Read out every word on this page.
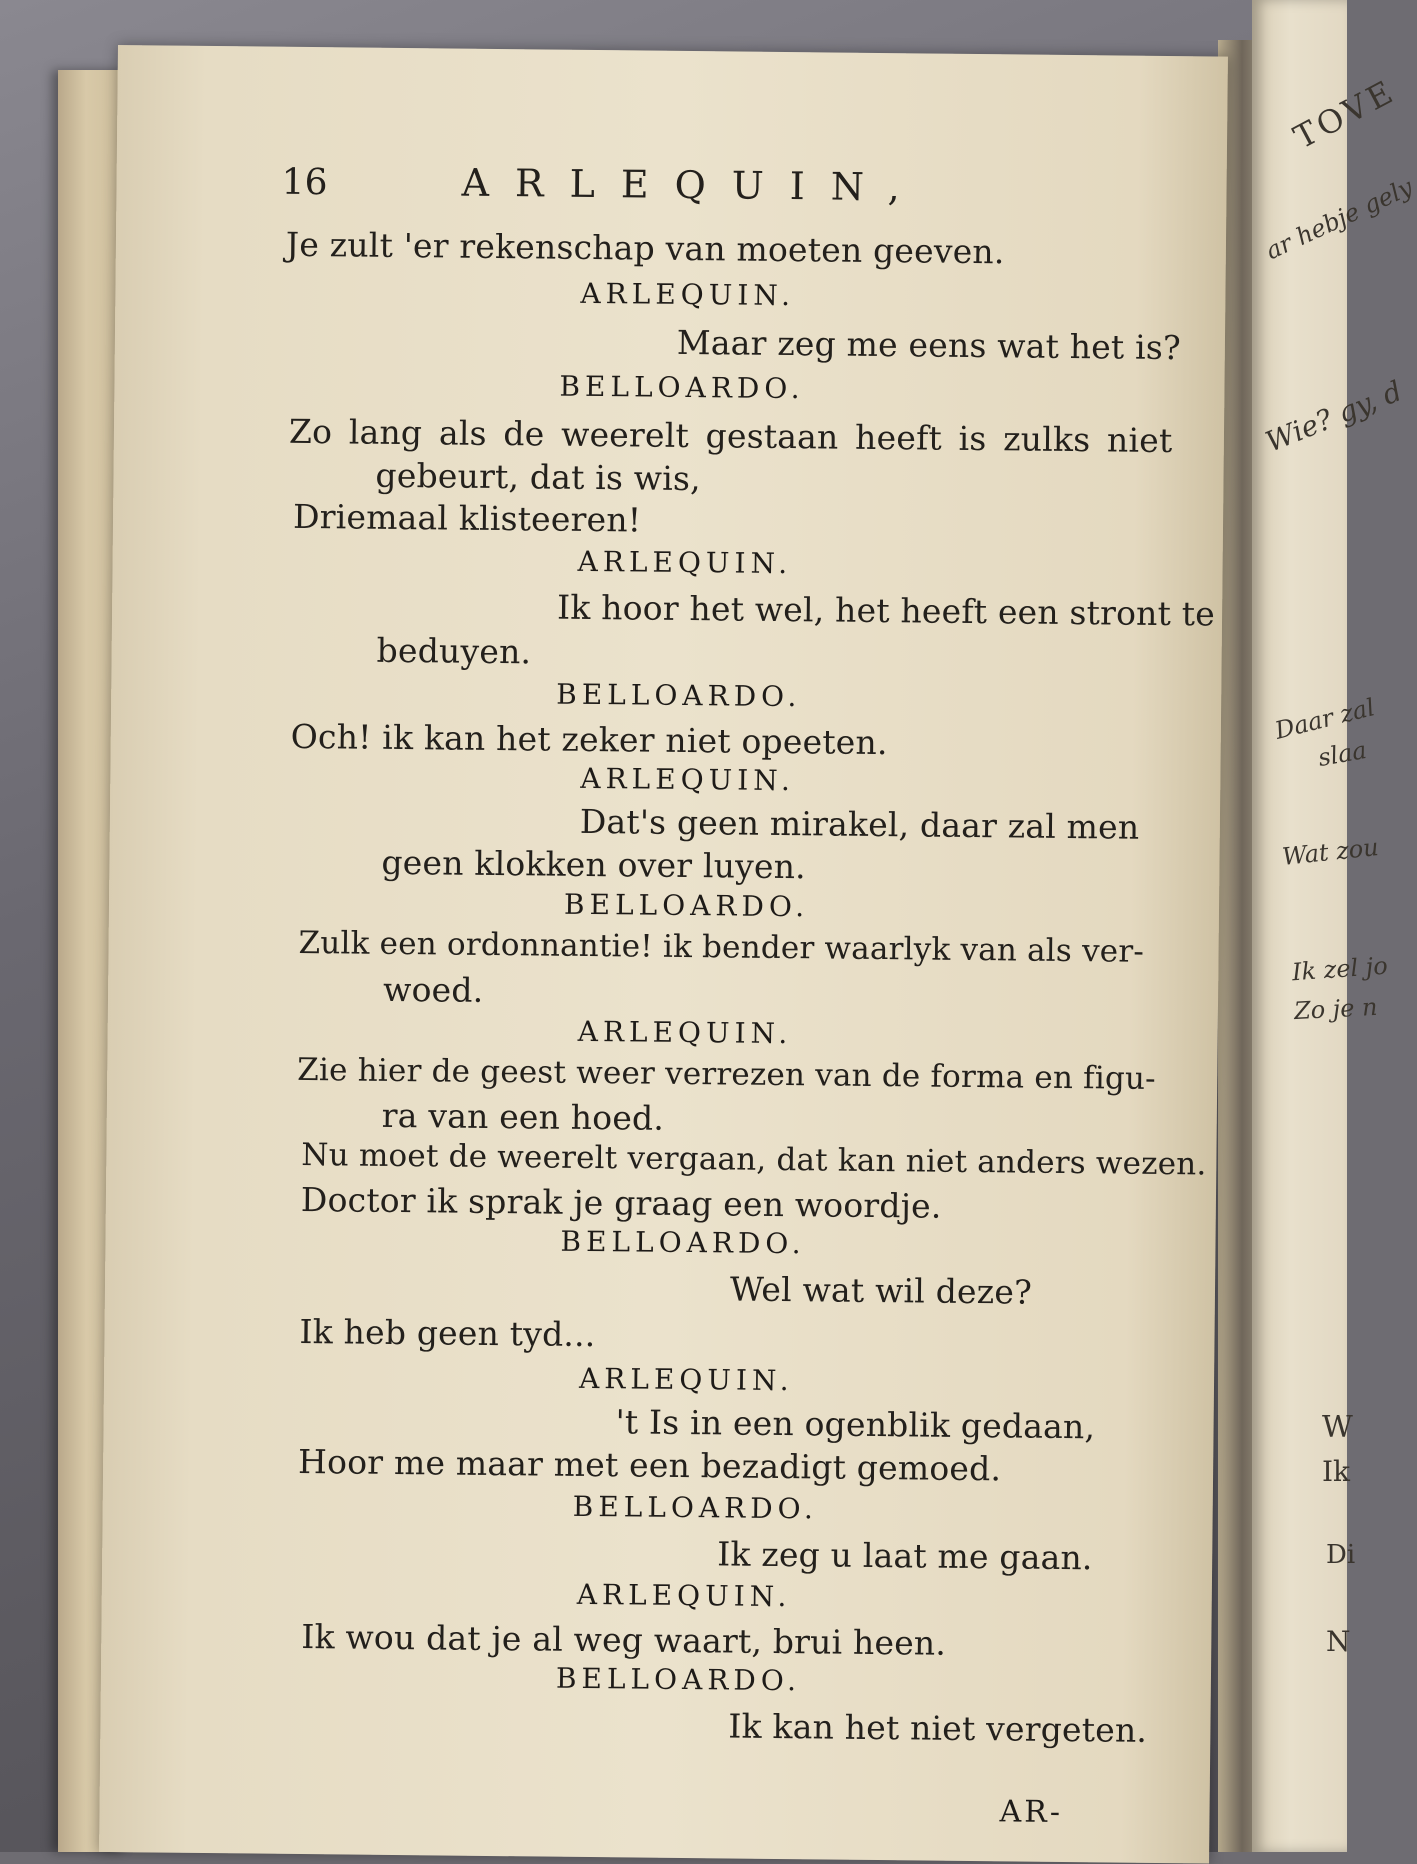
TOVE
ar hebje gely
Wie? gy, d
Daar zal
slaa
Wat zou
Ik zel jo
Zo je n
W
Ik
Di
N
16	ARLEQUIN,
Je zult 'er rekenschap van moeten geeven.
ARLEQUIN.
Maar zeg me eens wat het is?
BELLOARDO.
Zo lang als de weerelt gestaan heeft is zulks niet
gebeurt, dat is wis,
Driemaal klisteeren!
ARLEQUIN.
Ik hoor het wel, het heeft een stront te
beduyen.
BELLOARDO.
Och! ik kan het zeker niet opeeten.
ARLEQUIN.
Dat's geen mirakel, daar zal men
geen klokken over luyen.
BELLOARDO.
Zulk een ordonnantie! ik bender waarlyk van als ver-
woed.
ARLEQUIN.
Zie hier de geest weer verrezen van de forma en figu-
ra van een hoed.
Nu moet de weerelt vergaan, dat kan niet anders wezen.
Doctor ik sprak je graag een woordje.
BELLOARDO.
Wel wat wil deze?
Ik heb geen tyd...
ARLEQUIN.
't Is in een ogenblik gedaan,
Hoor me maar met een bezadigt gemoed.
BELLOARDO.
Ik zeg u laat me gaan.
ARLEQUIN.
Ik wou dat je al weg waart, brui heen.
BELLOARDO.
Ik kan het niet vergeten.
AR-
